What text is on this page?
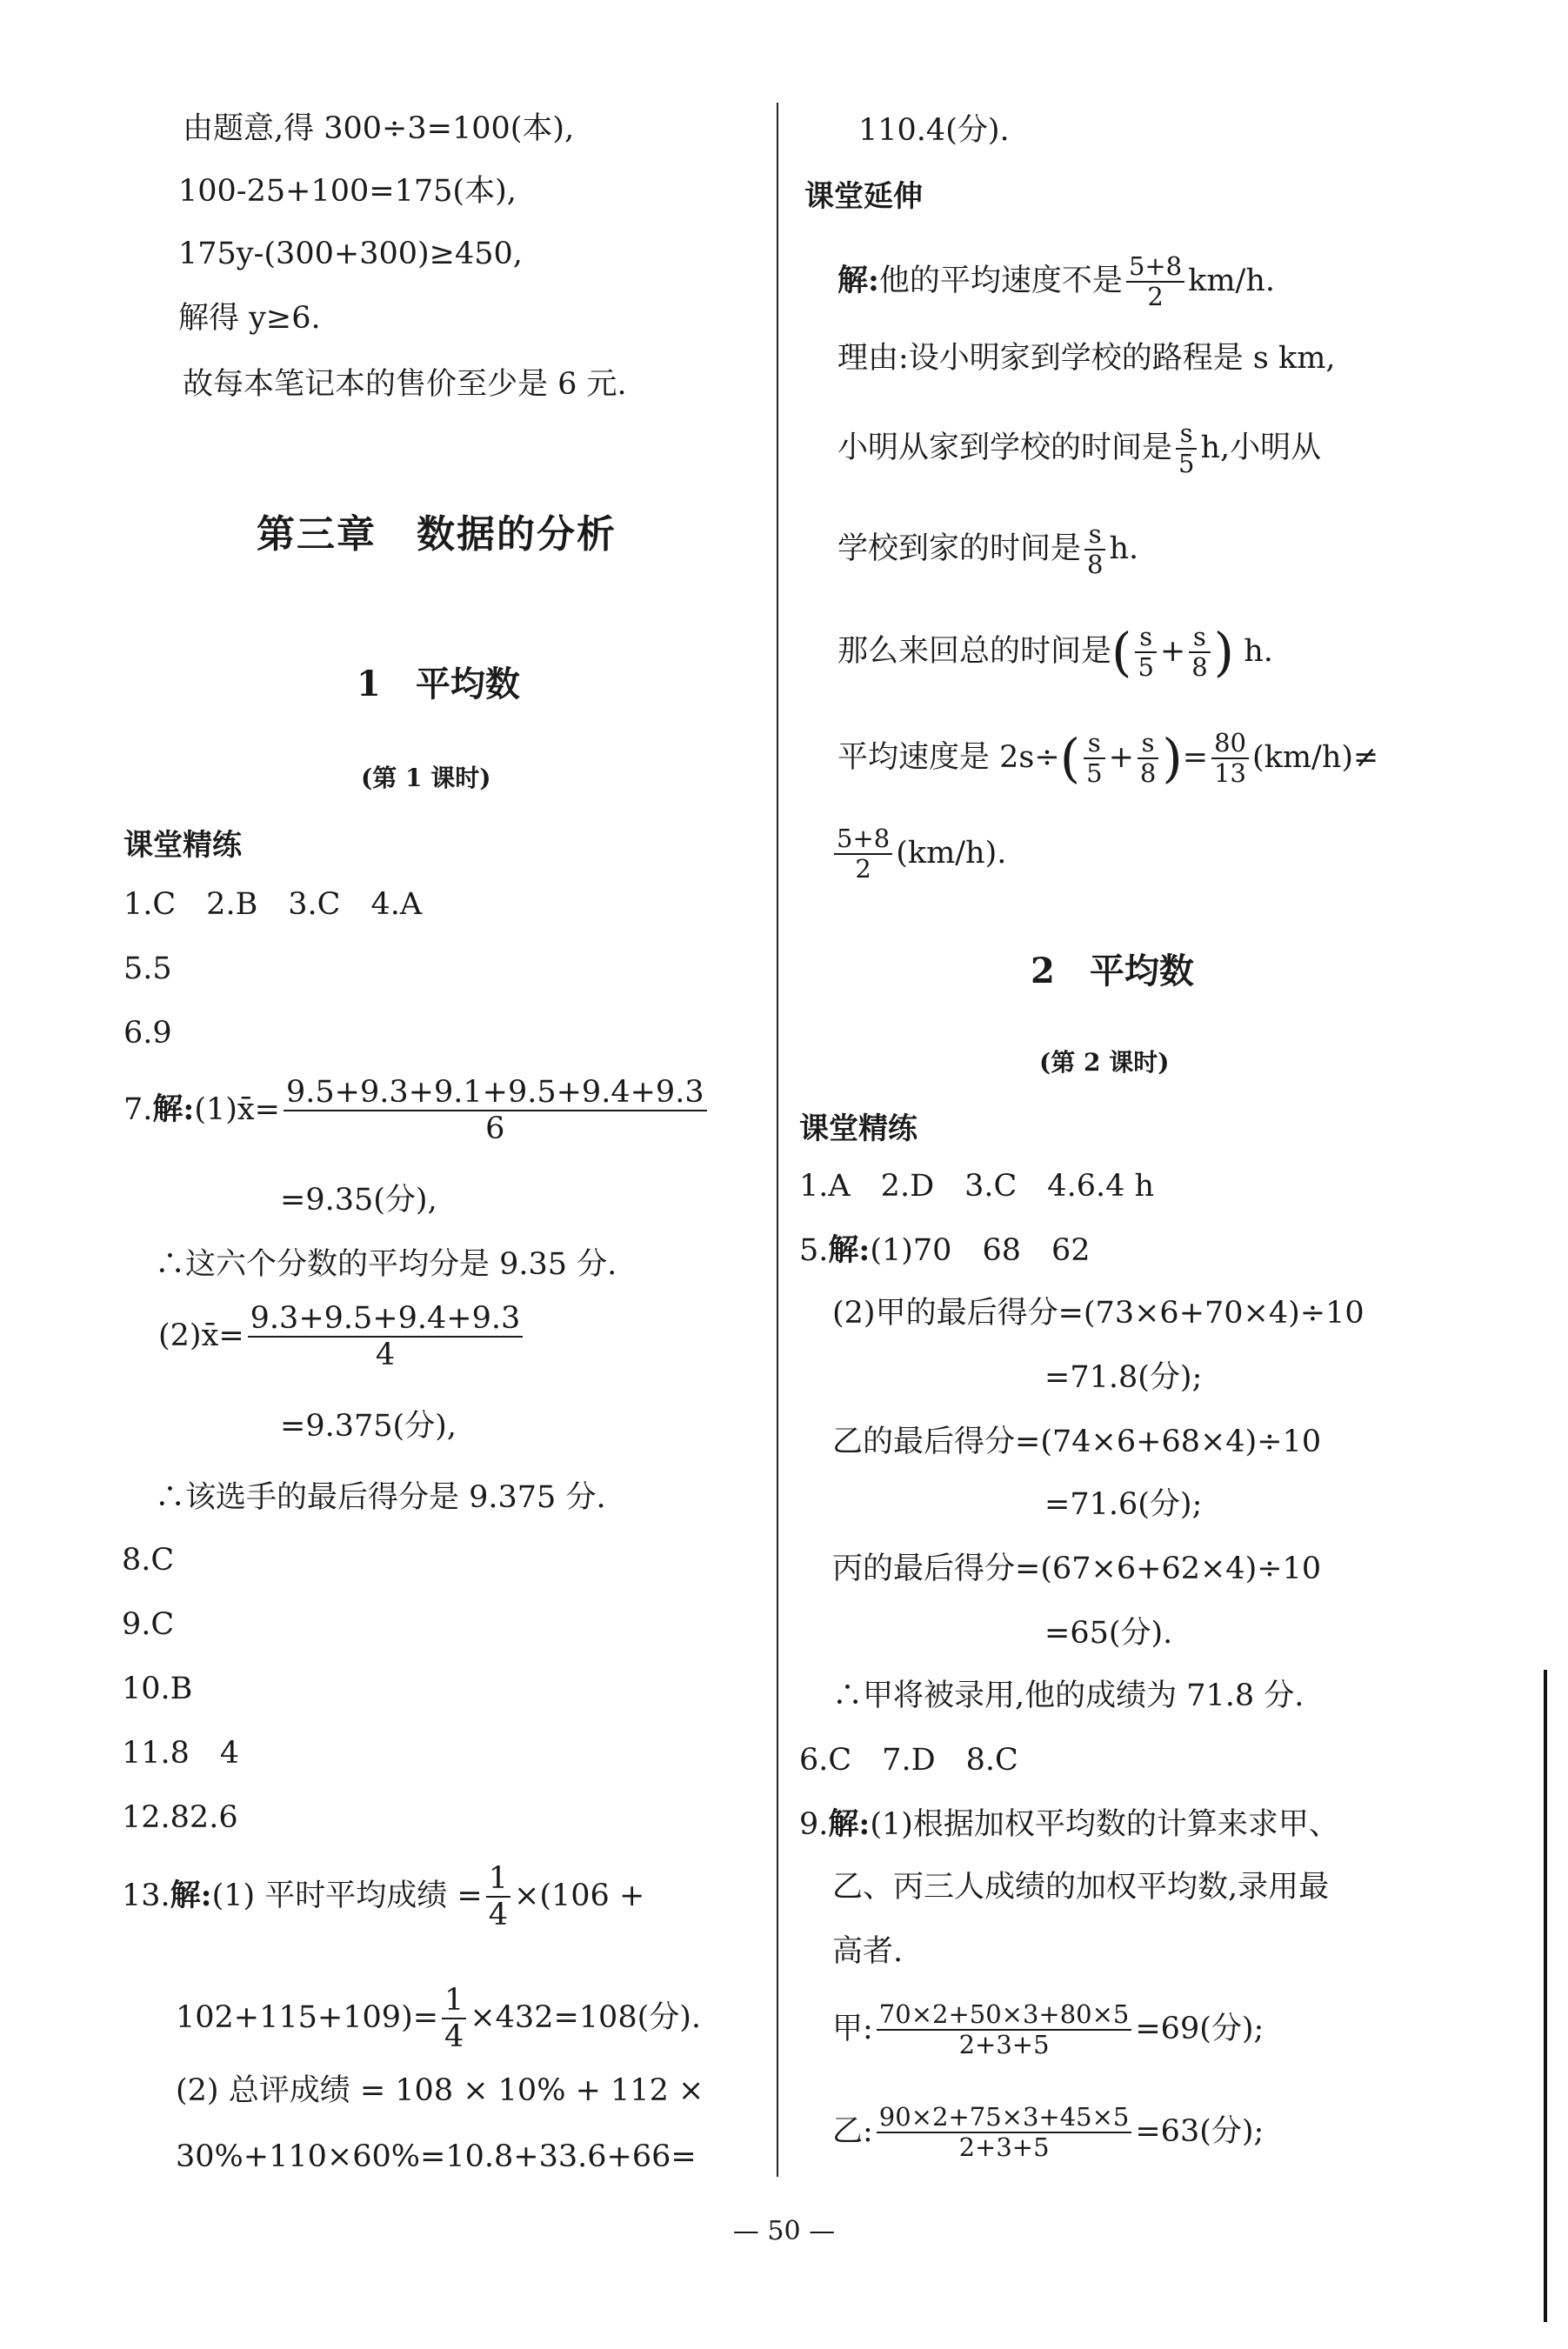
由题意,得 300÷3=100(本),
100-25+100=175(本),
175y-(300+300)≥450,
解得 y≥6.
故每本笔记本的售价至少是 6 元.
第三章　数据的分析
1　平均数
(第 1 课时)
课堂精练
1.C　2.B　3.C　4.A
5.5
6.9
7.解:(1)x̄= $\frac{9.5+9.3+9.1+9.5+9.4+9.3}{6}$
=9.35(分),
∴这六个分数的平均分是 9.35 分.
(2)x̄= $\frac{9.3+9.5+9.4+9.3}{4}$
=9.375(分),
∴该选手的最后得分是 9.375 分.
8.C
9.C
10.B
11.8　4
12.82.6
13.解:(1) 平时平均成绩 = $\frac{1}{4} \times(106$ +
$102+115+109)= \frac{1}{4} \times 432=108$(分).
(2) 总评成绩 = 108 × 10% + 112 ×
30%+110×60%=10.8+33.6+66=
110.4(分).
课堂延伸
解:他的平均速度不是 $\frac{5+8}{2} km/h$.
理由:设小明家到学校的路程是 s km,
小明从家到学校的时间是 $\frac{s}{5} h$,小明从
学校到家的时间是 $\frac{s}{8} h$.
那么来回总的时间是( $\frac{s}{5} + \frac{s}{8}$ ) h.
平均速度是 $2s\div( \frac{s}{5} + \frac{s}{8}$ )= $\frac{80}{13} (km/h)\ne$
$\frac{5+8}{2} (km/h)$.
2　平均数
(第 2 课时)
课堂精练
1.A　2.D　3.C　4.6.4 h
5.解:(1)70　68　62
(2)甲的最后得分=(73×6+70×4)÷10
=71.8(分);
乙的最后得分=(74×6+68×4)÷10
=71.6(分);
丙的最后得分=(67×6+62×4)÷10
=65(分).
∴甲将被录用,他的成绩为 71.8 分.
6.C　7.D　8.C
9.解:(1)根据加权平均数的计算来求甲、
乙、丙三人成绩的加权平均数,录用最
高者.
甲: $\frac{70\times 2+50\times 3+80\times 5}{2+3+5} =69$(分);
乙: $\frac{90\times 2+75\times 3+45\times 5}{2+3+5} =63$(分);
— 50 —
